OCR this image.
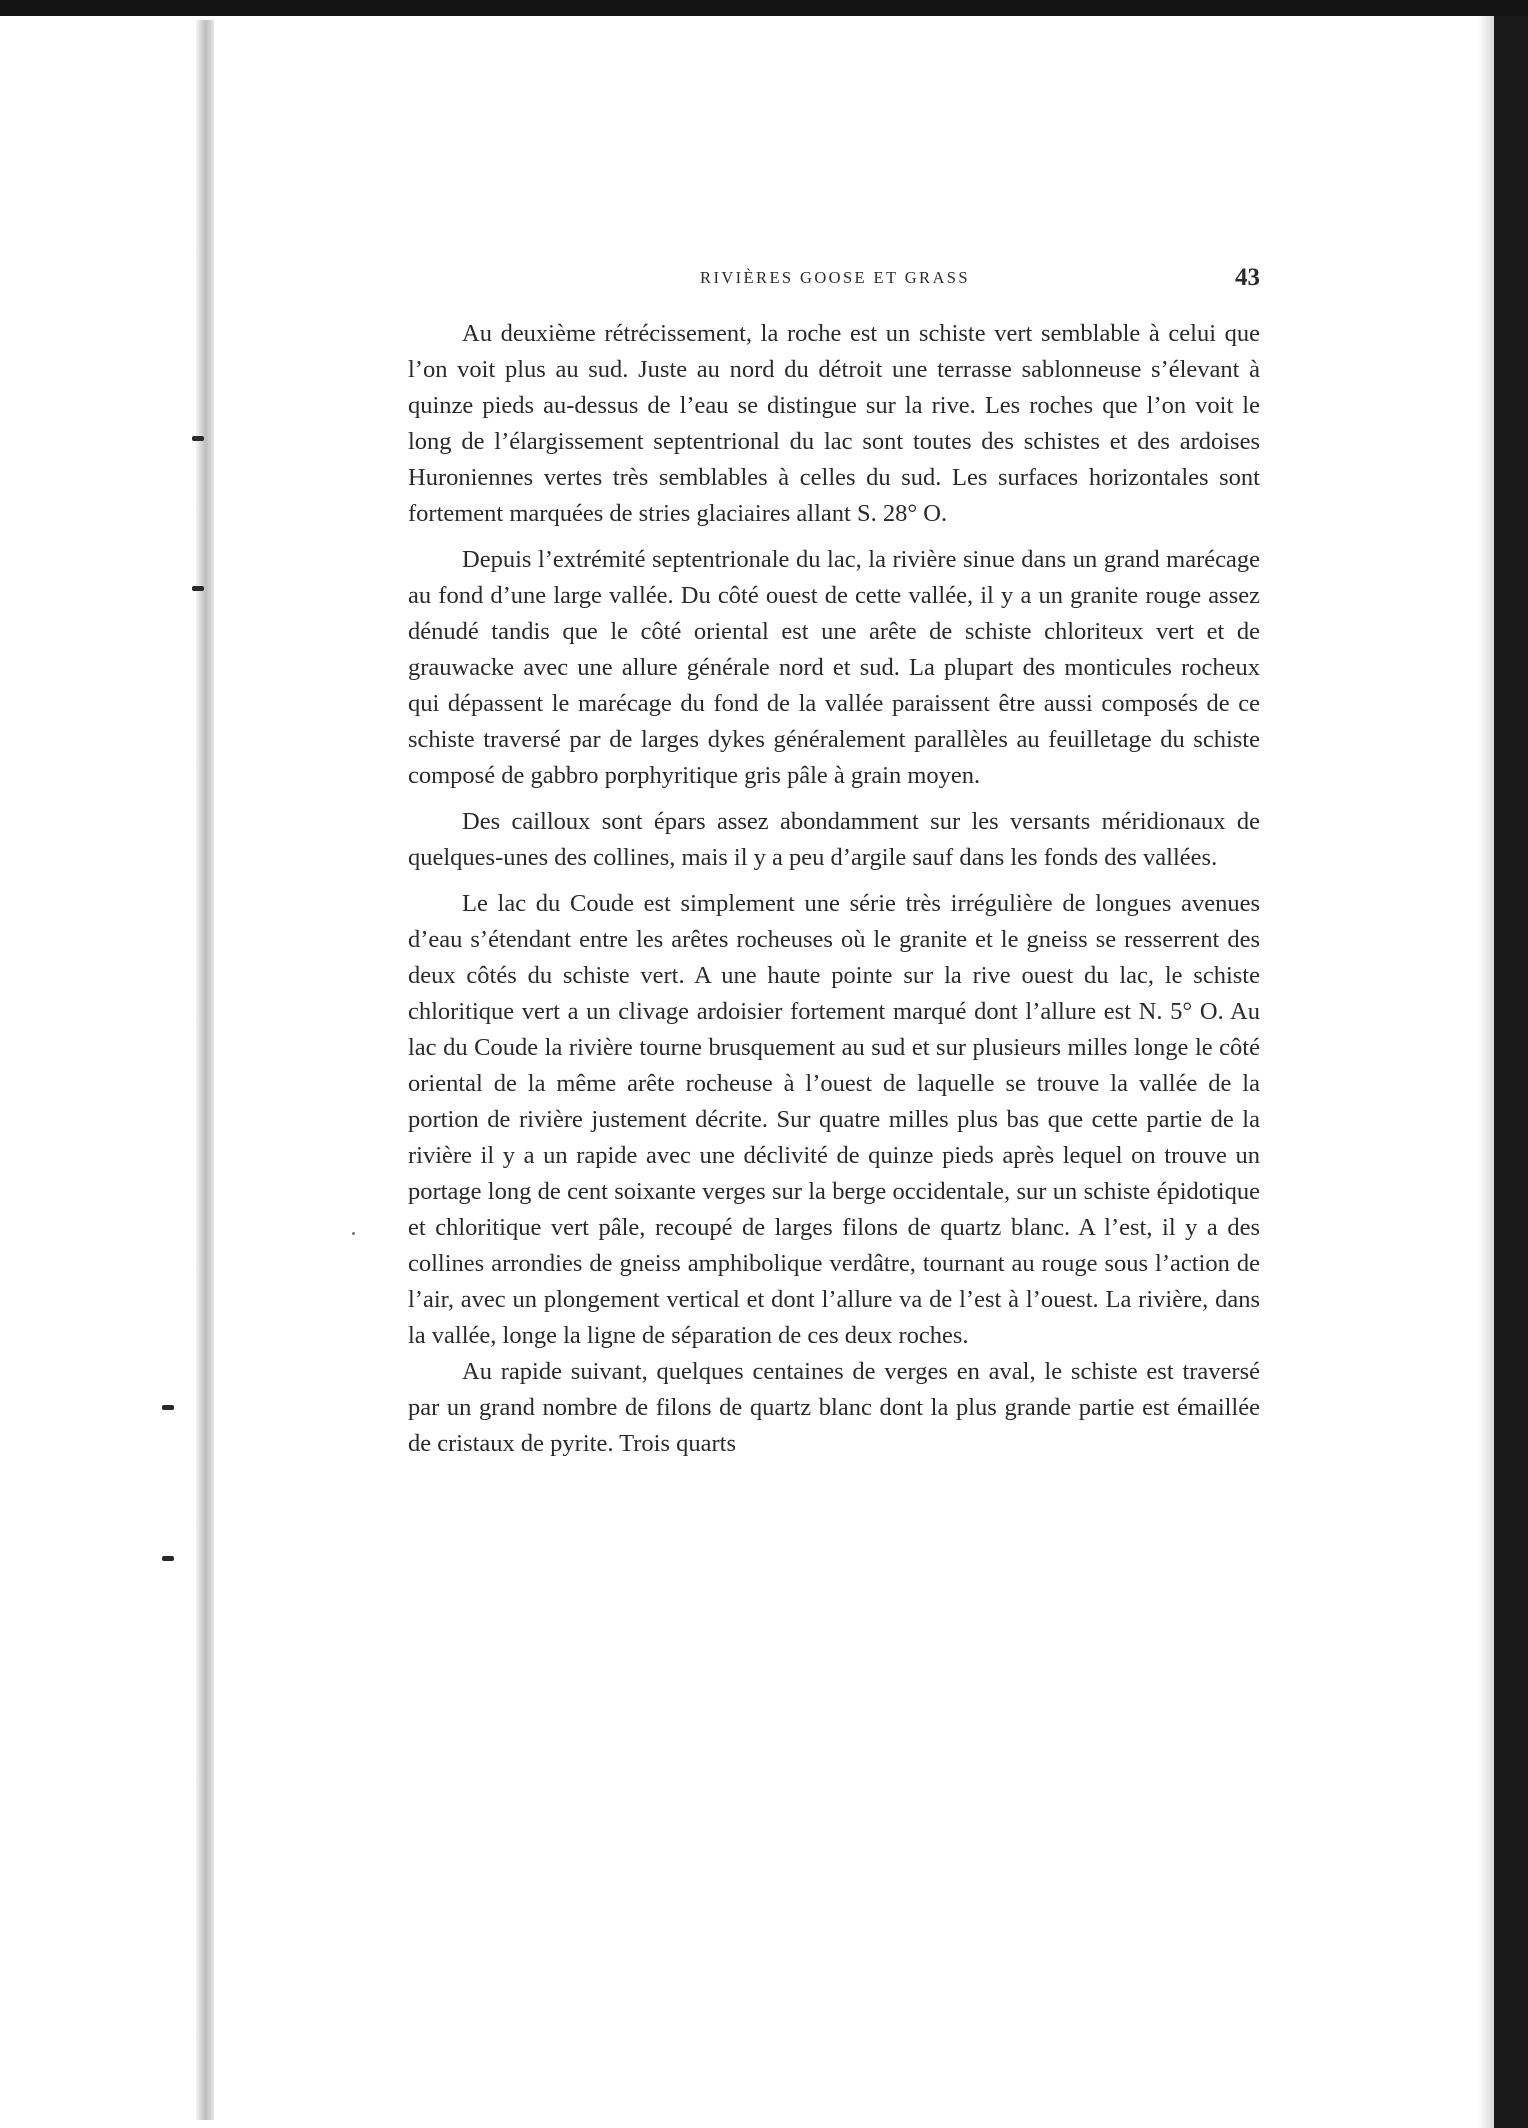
RIVIÈRES GOOSE ET GRASS	43

Au deuxième rétrécissement, la roche est un schiste vert semblable à celui que l’on voit plus au sud. Juste au nord du détroit une terrasse sablonneuse s’élevant à quinze pieds au-dessus de l’eau se distingue sur la rive. Les roches que l’on voit le long de l’élargissement septentrional du lac sont toutes des schistes et des ardoises Huroniennes vertes très semblables à celles du sud. Les surfaces horizontales sont fortement marquées de stries glaciaires allant S. 28° O.

Depuis l’extrémité septentrionale du lac, la rivière sinue dans un grand marécage au fond d’une large vallée. Du côté ouest de cette vallée, il y a un granite rouge assez dénudé tandis que le côté oriental est une arête de schiste chloriteux vert et de grauwacke avec une allure générale nord et sud. La plupart des monticules rocheux qui dépassent le marécage du fond de la vallée paraissent être aussi composés de ce schiste traversé par de larges dykes généralement parallèles au feuilletage du schiste composé de gabbro porphyritique gris pâle à grain moyen.

Des cailloux sont épars assez abondamment sur les versants méridionaux de quelques-unes des collines, mais il y a peu d’argile sauf dans les fonds des vallées.

Le lac du Coude est simplement une série très irrégulière de longues avenues d’eau s’étendant entre les arêtes rocheuses où le granite et le gneiss se resserrent des deux côtés du schiste vert. A une haute pointe sur la rive ouest du lac, le schiste chloritique vert a un clivage ardoisier fortement marqué dont l’allure est N. 5° O. Au lac du Coude la rivière tourne brusquement au sud et sur plusieurs milles longe le côté oriental de la même arête rocheuse à l’ouest de laquelle se trouve la vallée de la portion de rivière justement décrite. Sur quatre milles plus bas que cette partie de la rivière il y a un rapide avec une déclivité de quinze pieds après lequel on trouve un portage long de cent soixante verges sur la berge occidentale, sur un schiste épidotique et chloritique vert pâle, recoupé de larges filons de quartz blanc. A l’est, il y a des collines arrondies de gneiss amphibolique verdâtre, tournant au rouge sous l’action de l’air, avec un plongement vertical et dont l’allure va de l’est à l’ouest. La rivière, dans la vallée, longe la ligne de séparation de ces deux roches.

Au rapide suivant, quelques centaines de verges en aval, le schiste est traversé par un grand nombre de filons de quartz blanc dont la plus grande partie est émaillée de cristaux de pyrite. Trois quarts
